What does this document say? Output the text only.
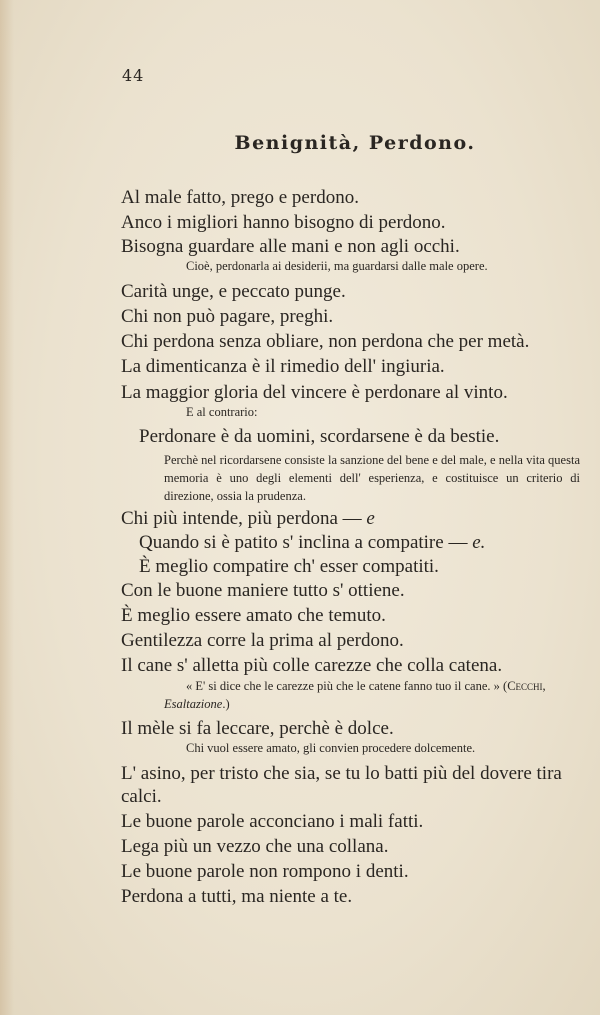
44
Benignità, Perdono.
Al male fatto, prego e perdono.
Anco i migliori hanno bisogno di perdono.
Bisogna guardare alle mani e non agli occhi.
Cioè, perdonarla ai desiderii, ma guardarsi dalle male opere.
Carità unge, e peccato punge.
Chi non può pagare, preghi.
Chi perdona senza obliare, non perdona che per metà.
La dimenticanza è il rimedio dell' ingiuria.
La maggior gloria del vincere è perdonare al vinto.
E al contrario:
Perdonare è da uomini, scordarsene è da bestie.
Perchè nel ricordarsene consiste la sanzione del bene e del male, e nella vita questa memoria è uno degli elementi dell' esperienza, e costituisce un criterio di direzione, ossia la prudenza.
Chi più intende, più perdona — e
Quando si è patito s' inclina a compatire — e.
È meglio compatire ch' esser compatiti.
Con le buone maniere tutto s' ottiene.
È meglio essere amato che temuto.
Gentilezza corre la prima al perdono.
Il cane s' alletta più colle carezze che colla catena.
« E' si dice che le carezze più che le catene fanno tuo il cane. » (Cecchi,
Esaltazione.)
Il mèle si fa leccare, perchè è dolce.
Chi vuol essere amato, gli convien procedere dolcemente.
L' asino, per tristo che sia, se tu lo batti più del dovere tira calci.
Le buone parole acconciano i mali fatti.
Lega più un vezzo che una collana.
Le buone parole non rompono i denti.
Perdona a tutti, ma niente a te.
